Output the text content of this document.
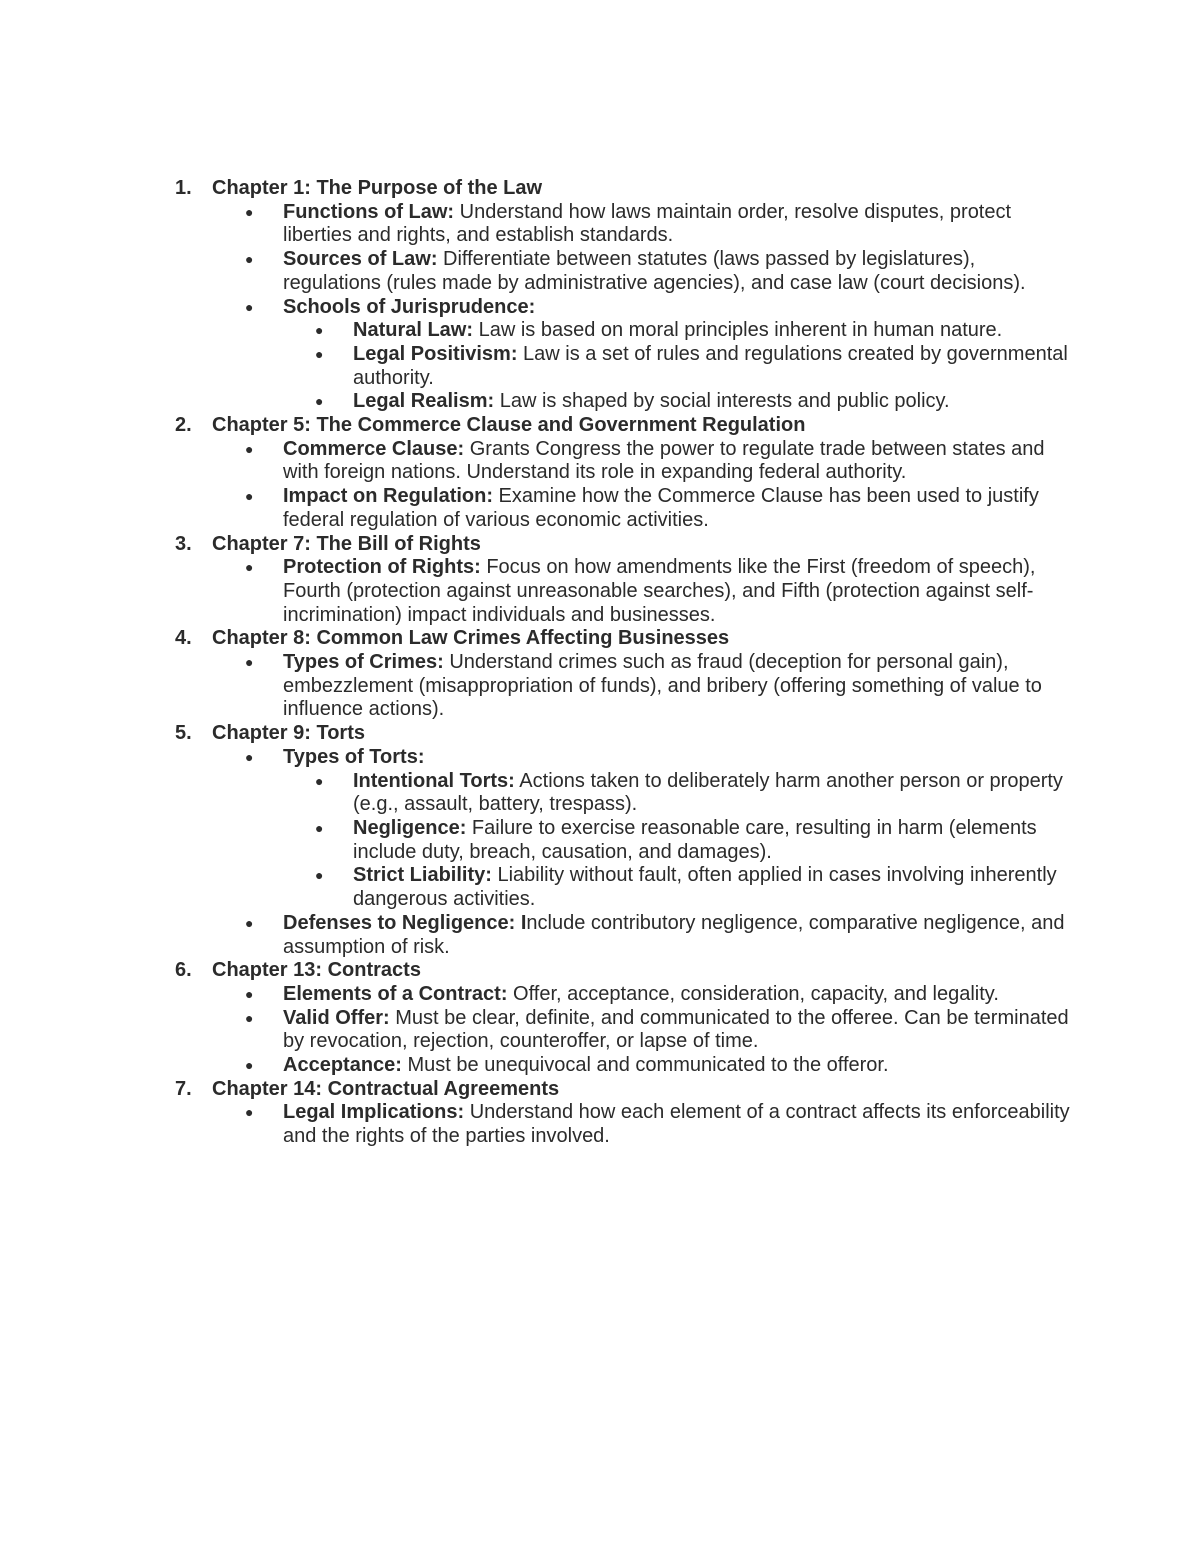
1. Chapter 1: The Purpose of the Law
● Functions of Law: Understand how laws maintain order, resolve disputes, protect liberties and rights, and establish standards.
● Sources of Law: Differentiate between statutes (laws passed by legislatures), regulations (rules made by administrative agencies), and case law (court decisions).
● Schools of Jurisprudence:
● Natural Law: Law is based on moral principles inherent in human nature.
● Legal Positivism: Law is a set of rules and regulations created by governmental authority.
● Legal Realism: Law is shaped by social interests and public policy.
2. Chapter 5: The Commerce Clause and Government Regulation
● Commerce Clause: Grants Congress the power to regulate trade between states and with foreign nations. Understand its role in expanding federal authority.
● Impact on Regulation: Examine how the Commerce Clause has been used to justify federal regulation of various economic activities.
3. Chapter 7: The Bill of Rights
● Protection of Rights: Focus on how amendments like the First (freedom of speech), Fourth (protection against unreasonable searches), and Fifth (protection against self-incrimination) impact individuals and businesses.
4. Chapter 8: Common Law Crimes Affecting Businesses
● Types of Crimes: Understand crimes such as fraud (deception for personal gain), embezzlement (misappropriation of funds), and bribery (offering something of value to influence actions).
5. Chapter 9: Torts
● Types of Torts:
● Intentional Torts: Actions taken to deliberately harm another person or property (e.g., assault, battery, trespass).
● Negligence: Failure to exercise reasonable care, resulting in harm (elements include duty, breach, causation, and damages).
● Strict Liability: Liability without fault, often applied in cases involving inherently dangerous activities.
● Defenses to Negligence: Include contributory negligence, comparative negligence, and assumption of risk.
6. Chapter 13: Contracts
● Elements of a Contract: Offer, acceptance, consideration, capacity, and legality.
● Valid Offer: Must be clear, definite, and communicated to the offeree. Can be terminated by revocation, rejection, counteroffer, or lapse of time.
● Acceptance: Must be unequivocal and communicated to the offeror.
7. Chapter 14: Contractual Agreements
● Legal Implications: Understand how each element of a contract affects its enforceability and the rights of the parties involved.
